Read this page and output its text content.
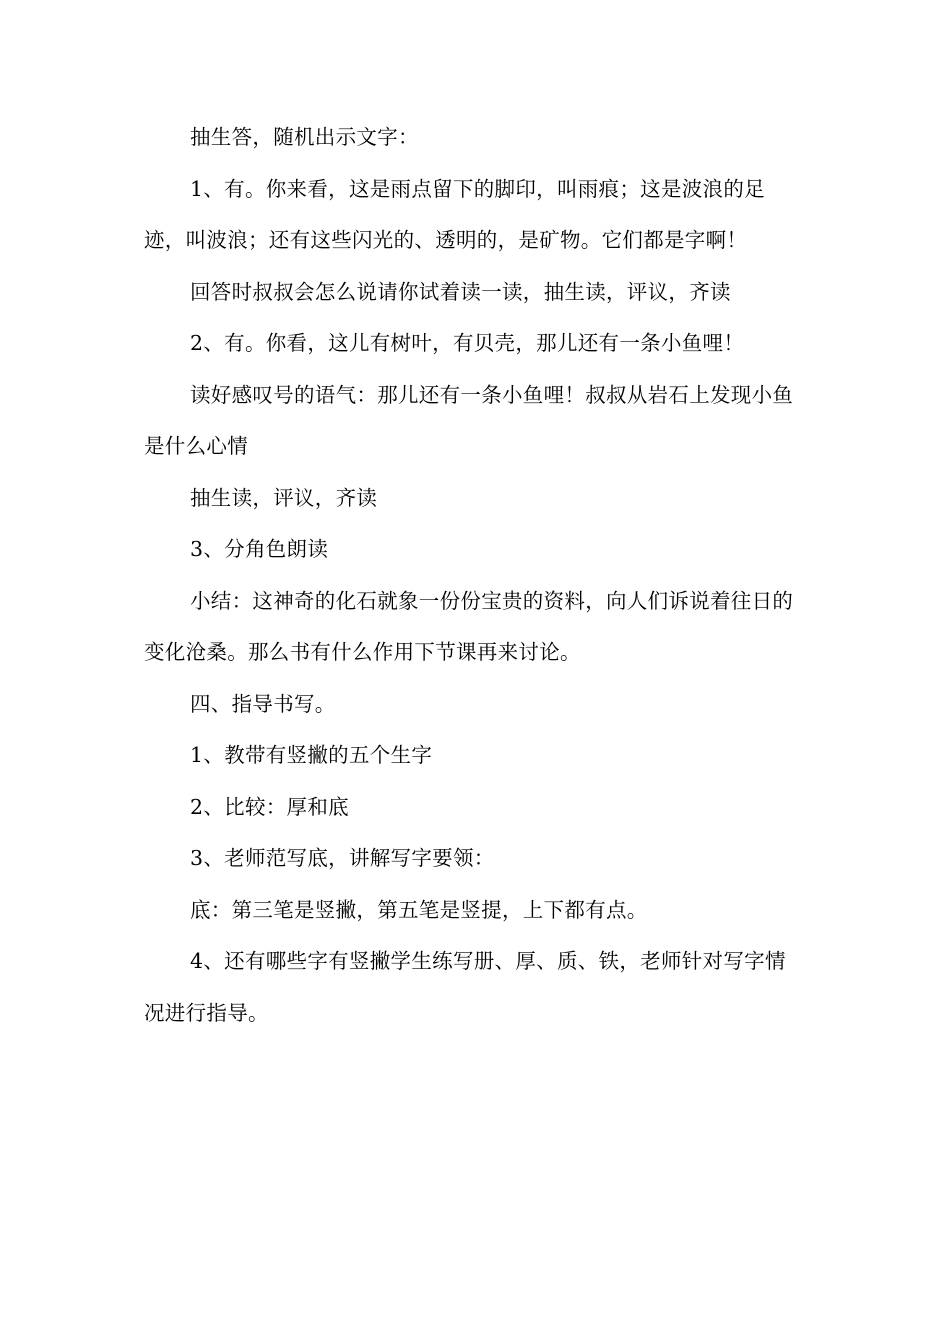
抽生答，随机出示文字：

1、有。你来看，这是雨点留下的脚印，叫雨痕；这是波浪的足迹，叫波浪；还有这些闪光的、透明的，是矿物。它们都是字啊！

回答时叔叔会怎么说请你试着读一读，抽生读，评议，齐读

2、有。你看，这儿有树叶，有贝壳，那儿还有一条小鱼哩！

读好感叹号的语气：那儿还有一条小鱼哩！叔叔从岩石上发现小鱼是什么心情

抽生读，评议，齐读

3、分角色朗读

小结：这神奇的化石就象一份份宝贵的资料，向人们诉说着往日的变化沧桑。那么书有什么作用下节课再来讨论。

四、指导书写。

1、教带有竖撇的五个生字

2、比较：厚和底

3、老师范写底，讲解写字要领：

底：第三笔是竖撇，第五笔是竖提，上下都有点。

4、还有哪些字有竖撇学生练写册、厚、质、铁，老师针对写字情况进行指导。
